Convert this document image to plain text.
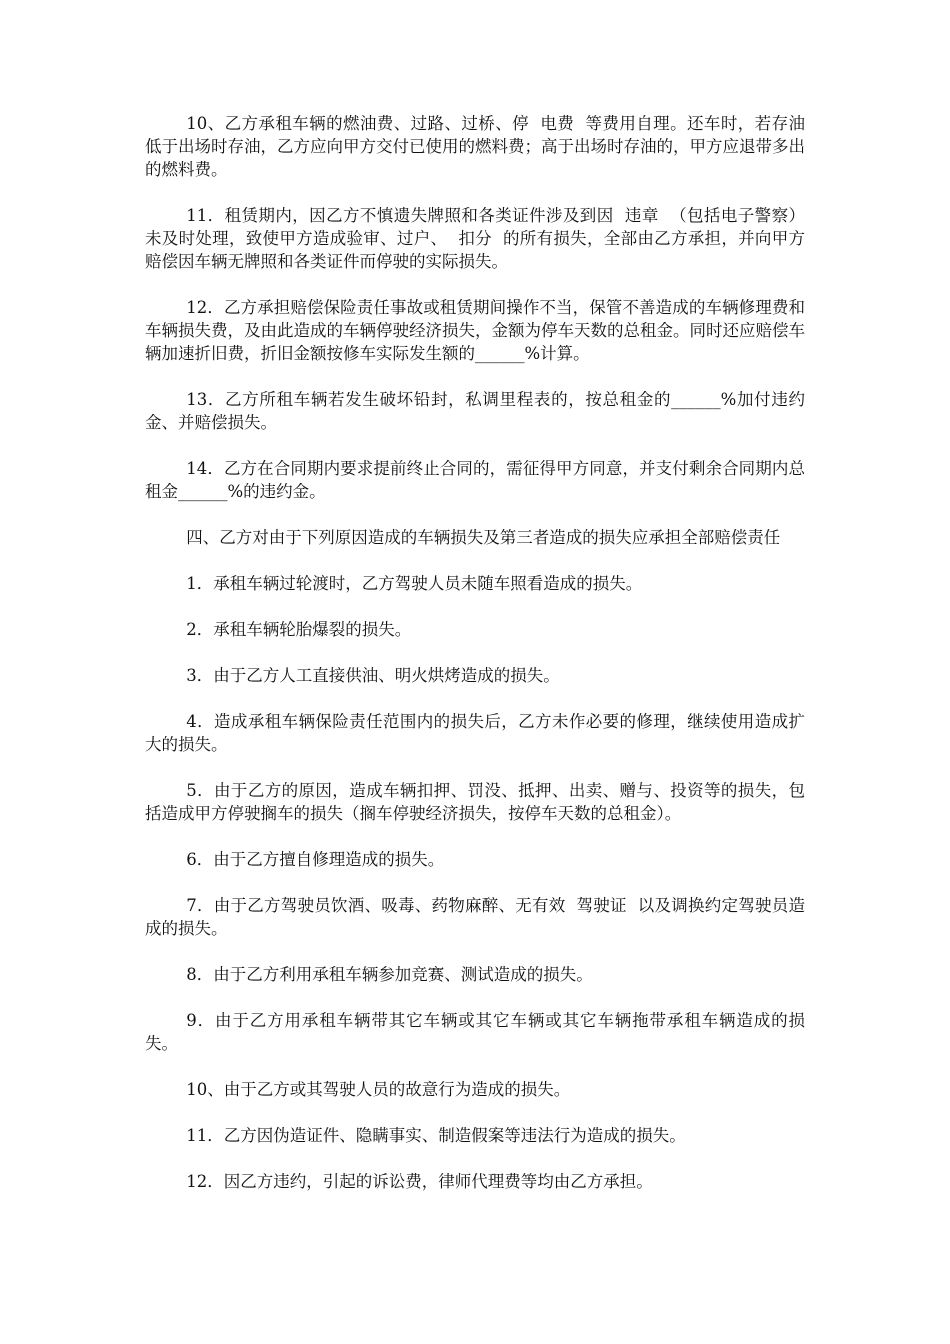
10、乙方承租车辆的燃油费、过路、过桥、停  电费  等费用自理。还车时，若存油低于出场时存油，乙方应向甲方交付已使用的燃料费；高于出场时存油的，甲方应退带多出的燃料费。

11．租赁期内，因乙方不慎遗失牌照和各类证件涉及到因  违章  （包括电子警察）未及时处理，致使甲方造成验审、过户、  扣分  的所有损失，全部由乙方承担，并向甲方赔偿因车辆无牌照和各类证件而停驶的实际损失。

12．乙方承担赔偿保险责任事故或租赁期间操作不当，保管不善造成的车辆修理费和车辆损失费，及由此造成的车辆停驶经济损失，金额为停车天数的总租金。同时还应赔偿车辆加速折旧费，折旧金额按修车实际发生额的______%计算。

13．乙方所租车辆若发生破坏铅封，私调里程表的，按总租金的______%加付违约金、并赔偿损失。

14．乙方在合同期内要求提前终止合同的，需征得甲方同意，并支付剩余合同期内总租金______%的违约金。

四、乙方对由于下列原因造成的车辆损失及第三者造成的损失应承担全部赔偿责任

1．承租车辆过轮渡时，乙方驾驶人员未随车照看造成的损失。

2．承租车辆轮胎爆裂的损失。

3．由于乙方人工直接供油、明火烘烤造成的损失。

4．造成承租车辆保险责任范围内的损失后，乙方未作必要的修理，继续使用造成扩大的损失。

5．由于乙方的原因，造成车辆扣押、罚没、抵押、出卖、赠与、投资等的损失，包括造成甲方停驶搁车的损失（搁车停驶经济损失，按停车天数的总租金）。

6．由于乙方擅自修理造成的损失。

7．由于乙方驾驶员饮酒、吸毒、药物麻醉、无有效  驾驶证  以及调换约定驾驶员造成的损失。

8．由于乙方利用承租车辆参加竞赛、测试造成的损失。

9．由于乙方用承租车辆带其它车辆或其它车辆或其它车辆拖带承租车辆造成的损失。

10、由于乙方或其驾驶人员的故意行为造成的损失。

11．乙方因伪造证件、隐瞒事实、制造假案等违法行为造成的损失。

12．因乙方违约，引起的诉讼费，律师代理费等均由乙方承担。
